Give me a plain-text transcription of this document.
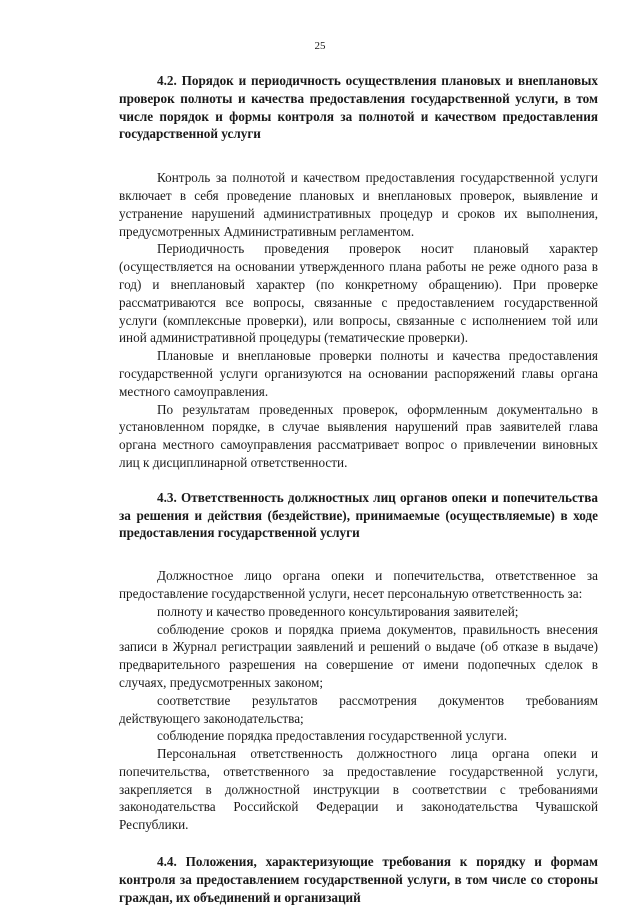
25

4.2. Порядок и периодичность осуществления плановых и внеплановых проверок полноты и качества предоставления государственной услуги, в том числе порядок и формы контроля за полнотой и качеством предоставления государственной услуги

Контроль за полнотой и качеством предоставления государственной услуги включает в себя проведение плановых и внеплановых проверок, выявление и устранение нарушений административных процедур и сроков их выполнения, предусмотренных Административным регламентом.

Периодичность проведения проверок носит плановый характер (осуществляется на основании утвержденного плана работы не реже одного раза в год) и внеплановый характер (по конкретному обращению). При проверке рассматриваются все вопросы, связанные с предоставлением государственной услуги (комплексные проверки), или вопросы, связанные с исполнением той или иной административной процедуры (тематические проверки).

Плановые и внеплановые проверки полноты и качества предоставления государственной услуги организуются на основании распоряжений главы органа местного самоуправления.

По результатам проведенных проверок, оформленным документально в установленном порядке, в случае выявления нарушений прав заявителей глава органа местного самоуправления рассматривает вопрос о привлечении виновных лиц к дисциплинарной ответственности.

4.3. Ответственность должностных лиц органов опеки и попечительства за решения и действия (бездействие), принимаемые (осуществляемые) в ходе предоставления государственной услуги

Должностное лицо органа опеки и попечительства, ответственное за предоставление государственной услуги, несет персональную ответственность за:

полноту и качество проведенного консультирования заявителей;

соблюдение сроков и порядка приема документов, правильность внесения записи в Журнал регистрации заявлений и решений о выдаче (об отказе в выдаче) предварительного разрешения на совершение от имени подопечных сделок в случаях, предусмотренных законом;

соответствие результатов рассмотрения документов требованиям действующего законодательства;

соблюдение порядка предоставления государственной услуги.

Персональная ответственность должностного лица органа опеки и попечительства, ответственного за предоставление государственной услуги, закрепляется в должностной инструкции в соответствии с требованиями законодательства Российской Федерации и законодательства Чувашской Республики.

4.4. Положения, характеризующие требования к порядку и формам контроля за предоставлением государственной услуги, в том числе со стороны граждан, их объединений и организаций
